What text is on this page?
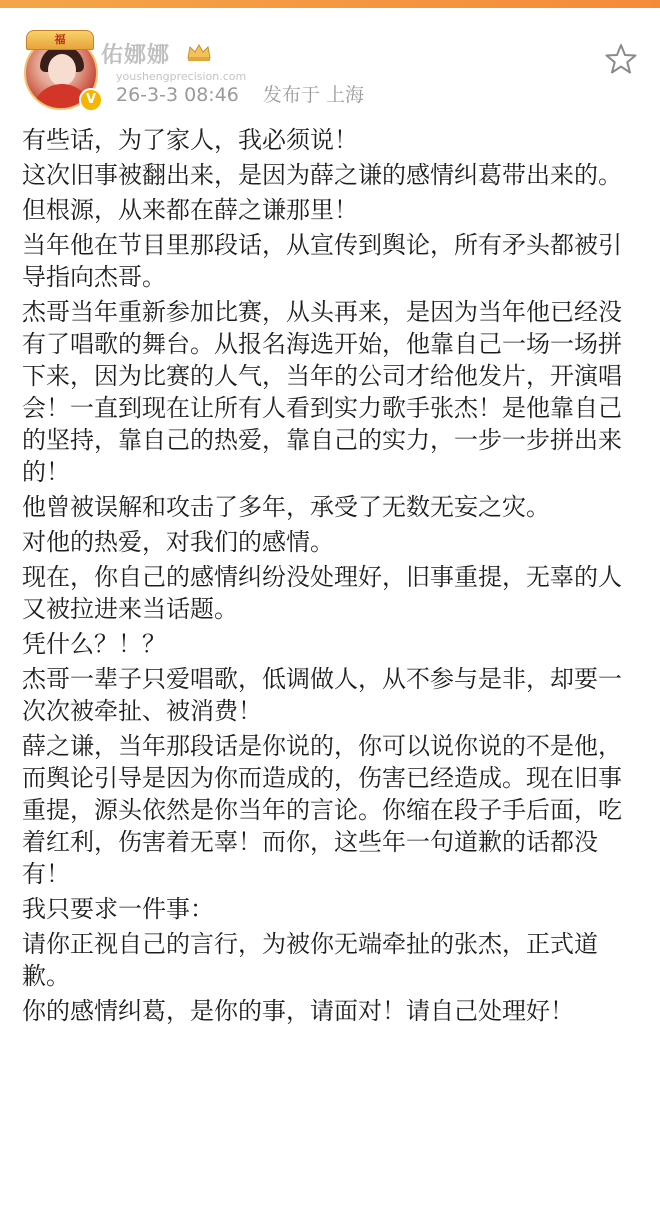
福
V
佑娜娜
youshengprecision.com
26-3-3 08:46 发布于 上海

有些话，为了家人，我必须说！

这次旧事被翻出来，是因为薛之谦的感情纠葛带出来的。

但根源，从来都在薛之谦那里！

当年他在节目里那段话，从宣传到舆论，所有矛头都被引导指向杰哥。

杰哥当年重新参加比赛，从头再来，是因为当年他已经没有了唱歌的舞台。从报名海选开始，他靠自己一场一场拼下来，因为比赛的人气，当年的公司才给他发片，开演唱会！一直到现在让所有人看到实力歌手张杰！是他靠自己的坚持，靠自己的热爱，靠自己的实力，一步一步拼出来的！

他曾被误解和攻击了多年，承受了无数无妄之灾。

对他的热爱，对我们的感情。

现在，你自己的感情纠纷没处理好，旧事重提，无辜的人又被拉进来当话题。

凭什么？！？

杰哥一辈子只爱唱歌，低调做人，从不参与是非，却要一次次被牵扯、被消费！

薛之谦，当年那段话是你说的，你可以说你说的不是他，而舆论引导是因为你而造成的，伤害已经造成。现在旧事重提，源头依然是你当年的言论。你缩在段子手后面，吃着红利，伤害着无辜！而你，这些年一句道歉的话都没有！

我只要求一件事：

请你正视自己的言行，为被你无端牵扯的张杰，正式道歉。

你的感情纠葛，是你的事，请面对！请自己处理好！
